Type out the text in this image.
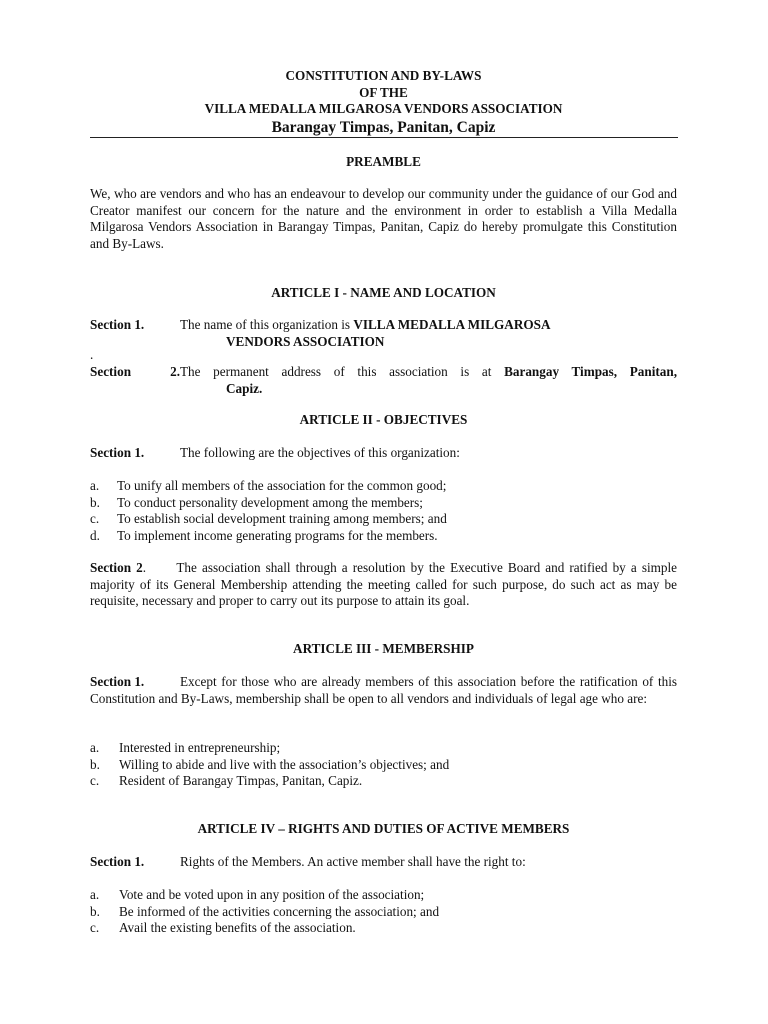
CONSTITUTION AND BY-LAWS
OF THE
VILLA MEDALLA MILGAROSA VENDORS ASSOCIATION
Barangay Timpas, Panitan, Capiz
PREAMBLE
We, who are vendors and who has an endeavour to develop our community under the guidance of our God and Creator manifest our concern for the nature and the environment in order to establish a Villa Medalla Milgarosa Vendors Association in Barangay Timpas, Panitan, Capiz do hereby promulgate this Constitution and By-Laws.
ARTICLE I - NAME AND LOCATION
Section 1.	The name of this organization is VILLA MEDALLA MILGAROSA
VENDORS ASSOCIATION
.
Section 2.The permanent address of this association is at Barangay Timpas, Panitan,
Capiz.
ARTICLE II - OBJECTIVES
Section 1.	The following are the objectives of this organization:
a. To unify all members of the association for the common good;
b. To conduct personality development among the members;
c. To establish social development training among members; and
d. To implement income generating programs for the members.
Section 2.      The association shall through a resolution by the Executive Board and ratified by a simple majority of its General Membership attending the meeting called for such purpose, do such act as may be requisite, necessary and proper to carry out its purpose to attain its goal.
ARTICLE III - MEMBERSHIP
Section 1.	Except for those who are already members of this association before the ratification of this Constitution and By-Laws, membership shall be open to all vendors and individuals of legal age who are:
a. Interested in entrepreneurship;
b. Willing to abide and live with the association’s objectives; and
c. Resident of Barangay Timpas, Panitan, Capiz.
ARTICLE IV – RIGHTS AND DUTIES OF ACTIVE MEMBERS
Section 1.	Rights of the Members. An active member shall have the right to:
a. Vote and be voted upon in any position of the association;
b. Be informed of the activities concerning the association; and
c. Avail the existing benefits of the association.
